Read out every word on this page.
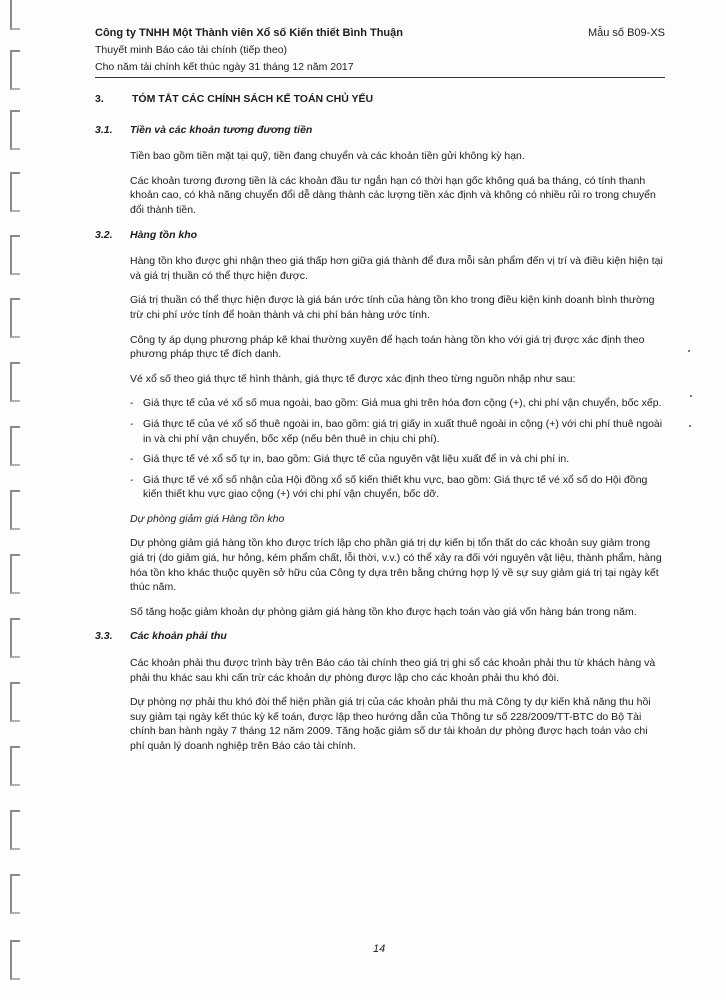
Công ty TNHH Một Thành viên Xổ số Kiến thiết Bình Thuận	Mẫu số B09-XS
Thuyết minh Báo cáo tài chính (tiếp theo)
Cho năm tài chính kết thúc ngày 31 tháng 12 năm 2017
3.	TÓM TẮT CÁC CHÍNH SÁCH KẾ TOÁN CHỦ YẾU
3.1. Tiền và các khoản tương đương tiền

Tiền bao gồm tiền mặt tại quỹ, tiền đang chuyển và các khoản tiền gửi không kỳ hạn.

Các khoản tương đương tiền là các khoản đầu tư ngắn hạn có thời hạn gốc không quá ba tháng, có tính thanh khoản cao, có khả năng chuyển đổi dễ dàng thành các lượng tiền xác định và không có nhiều rủi ro trong chuyển đổi thành tiền.

3.2. Hàng tồn kho

Hàng tồn kho được ghi nhận theo giá thấp hơn giữa giá thành để đưa mỗi sản phẩm đến vị trí và điều kiện hiện tại và giá trị thuần có thể thực hiện được.

Giá trị thuần có thể thực hiện được là giá bán ước tính của hàng tồn kho trong điều kiện kinh doanh bình thường trừ chi phí ước tính để hoàn thành và chi phí bán hàng ước tính.

Công ty áp dụng phương pháp kê khai thường xuyên để hạch toán hàng tồn kho với giá trị được xác định theo phương pháp thực tế đích danh.

Vé xổ số theo giá thực tế hình thành, giá thực tế được xác định theo từng nguồn nhập như sau:

- Giá thực tế của vé xổ số mua ngoài, bao gồm: Giá mua ghi trên hóa đơn cộng (+), chi phí vận chuyển, bốc xếp.
- Giá thực tế của vé xổ số thuê ngoài in, bao gồm: giá trị giấy in xuất thuê ngoài in cộng (+) với chi phí thuê ngoài in và chi phí vận chuyển, bốc xếp (nếu bên thuê in chịu chi phí).
- Giá thực tế vé xổ số tự in, bao gồm: Giá thực tế của nguyên vật liệu xuất để in và chi phí in.
- Giá thực tế vé xổ số nhận của Hội đồng xổ số kiến thiết khu vực, bao gồm: Giá thực tế vé xổ số do Hội đồng kiến thiết khu vực giao cộng (+) với chi phí vận chuyển, bốc dỡ.
Dự phòng giảm giá Hàng tồn kho

Dự phòng giảm giá hàng tồn kho được trích lập cho phần giá trị dự kiến bị tổn thất do các khoản suy giảm trong giá trị (do giảm giá, hư hỏng, kém phẩm chất, lỗi thời, v.v.) có thể xảy ra đối với nguyên vật liệu, thành phẩm, hàng hóa tồn kho khác thuộc quyền sở hữu của Công ty dựa trên bằng chứng hợp lý về sự suy giảm giá trị tại ngày kết thúc năm.

Số tăng hoặc giảm khoản dự phòng giảm giá hàng tồn kho được hạch toán vào giá vốn hàng bán trong năm.

3.3. Các khoản phải thu

Các khoản phải thu được trình bày trên Báo cáo tài chính theo giá trị ghi sổ các khoản phải thu từ khách hàng và phải thu khác sau khi cấn trừ các khoản dự phòng được lập cho các khoản phải thu khó đòi.

Dự phòng nợ phải thu khó đòi thể hiện phần giá trị của các khoản phải thu mà Công ty dự kiến khả năng thu hồi suy giảm tại ngày kết thúc kỳ kế toán, được lập theo hướng dẫn của Thông tư số 228/2009/TT-BTC do Bộ Tài chính ban hành ngày 7 tháng 12 năm 2009. Tăng hoặc giảm số dư tài khoản dự phòng được hạch toán vào chi phí quản lý doanh nghiệp trên Báo cáo tài chính.

14
